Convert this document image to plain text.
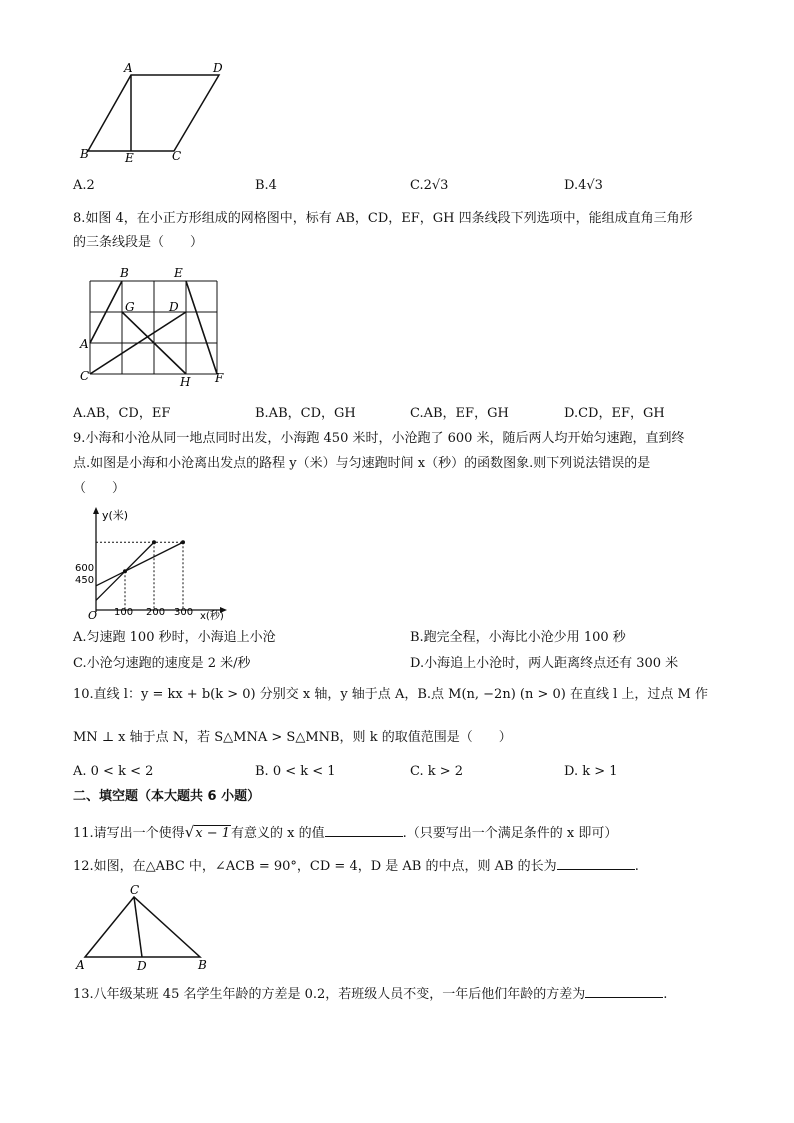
A	D
B	E	C
A.2	B.4	C.2√3	D.4√3
8.如图 4，在小正方形组成的网格图中，标有 AB，CD，EF，GH 四条线段下列选项中，能组成直角三角形
的三条线段是（　　）
B	E
G	D
A
C	H F
A.AB，CD，EF	B.AB，CD，GH	C.AB，EF，GH	D.CD，EF，GH
9.小海和小沧从同一地点同时出发，小海跑 450 米时，小沧跑了 600 米，随后两人均开始匀速跑，直到终
点.如图是小海和小沧离出发点的路程 y（米）与匀速跑时间 x（秒）的函数图象.则下列说法错误的是
（　　）
y(米)
x(秒)
O 100 200 300
600
450
A.匀速跑 100 秒时，小海追上小沧	B.跑完全程，小海比小沧少用 100 秒
C.小沧匀速跑的速度是 2 米/秒	D.小海追上小沧时，两人距离终点还有 300 米
10.直线 l：y = kx + b(k > 0) 分别交 x 轴，y 轴于点 A，B.点 M(n, −2n) (n > 0) 在直线 l 上，过点 M 作
MN ⊥ x 轴于点 N，若 S△MNA > S△MNB，则 k 的取值范围是（　　）
A. 0 < k < 2	B. 0 < k < 1	C. k > 2	D. k > 1
二、填空题（本大题共 6 小题）
11.请写出一个使得√x − 1有意义的 x 的值	.（只要写出一个满足条件的 x 即可）
12.如图，在△ABC 中，∠ACB = 90°，CD = 4，D 是 AB 的中点，则 AB 的长为	.
C
A	D	B
13.八年级某班 45 名学生年龄的方差是 0.2，若班级人员不变，一年后他们年龄的方差为	.
